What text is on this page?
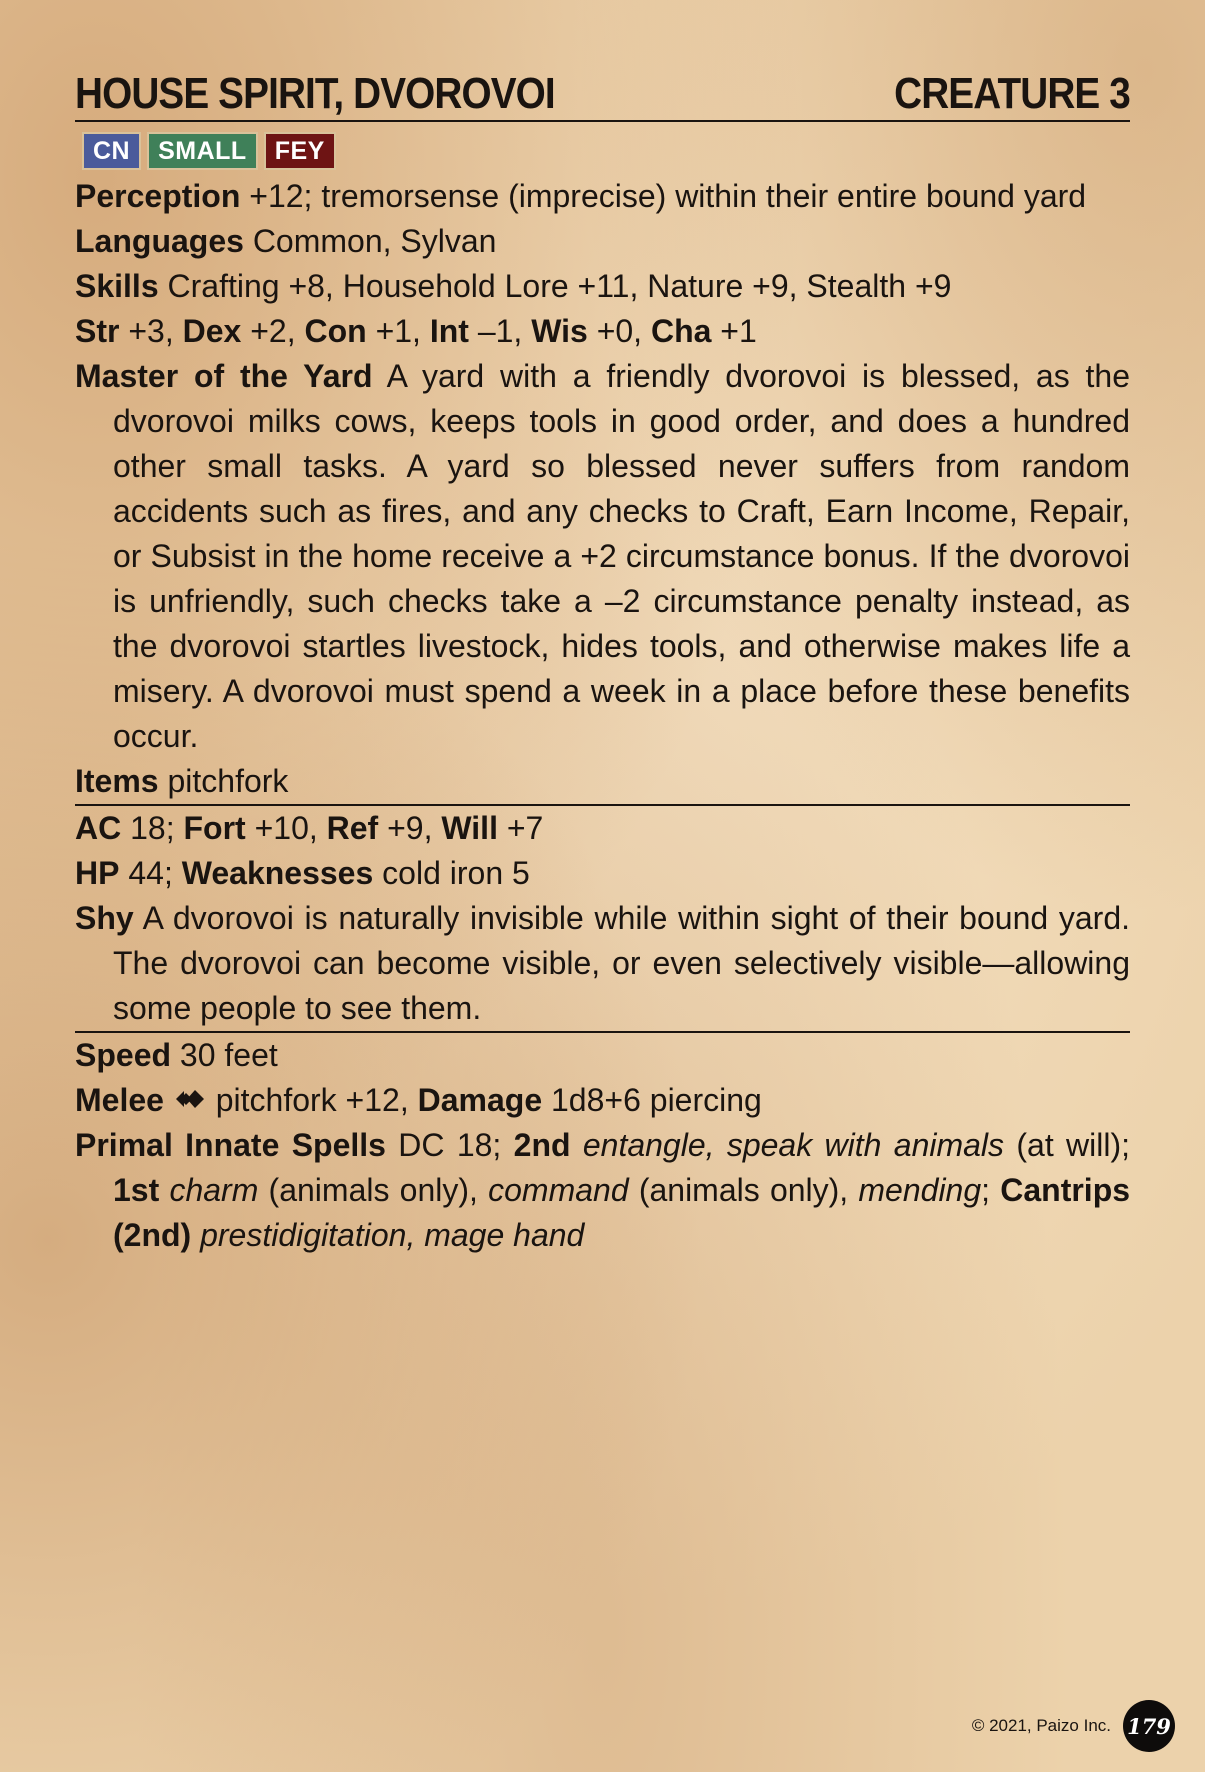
HOUSE SPIRIT, DVOROVOI	CREATURE 3
CN	SMALL	FEY
Perception +12; tremorsense (imprecise) within their entire bound yard
Languages Common, Sylvan
Skills Crafting +8, Household Lore +11, Nature +9, Stealth +9
Str +3, Dex +2, Con +1, Int –1, Wis +0, Cha +1
Master of the Yard A yard with a friendly dvorovoi is blessed, as the dvorovoi milks cows, keeps tools in good order, and does a hundred other small tasks. A yard so blessed never suffers from random accidents such as fires, and any checks to Craft, Earn Income, Repair, or Subsist in the home receive a +2 circumstance bonus. If the dvorovoi is unfriendly, such checks take a –2 circumstance penalty instead, as the dvorovoi startles livestock, hides tools, and otherwise makes life a misery. A dvorovoi must spend a week in a place before these benefits occur.
Items pitchfork
AC 18; Fort +10, Ref +9, Will +7
HP 44; Weaknesses cold iron 5
Shy A dvorovoi is naturally invisible while within sight of their bound yard. The dvorovoi can become visible, or even selectively visible—allowing some people to see them.
Speed 30 feet
Melee  pitchfork +12, Damage 1d8+6 piercing
Primal Innate Spells DC 18; 2nd entangle, speak with animals (at will); 1st charm (animals only), command (animals only), mending; Cantrips (2nd) prestidigitation, mage hand
© 2021, Paizo Inc. 179
